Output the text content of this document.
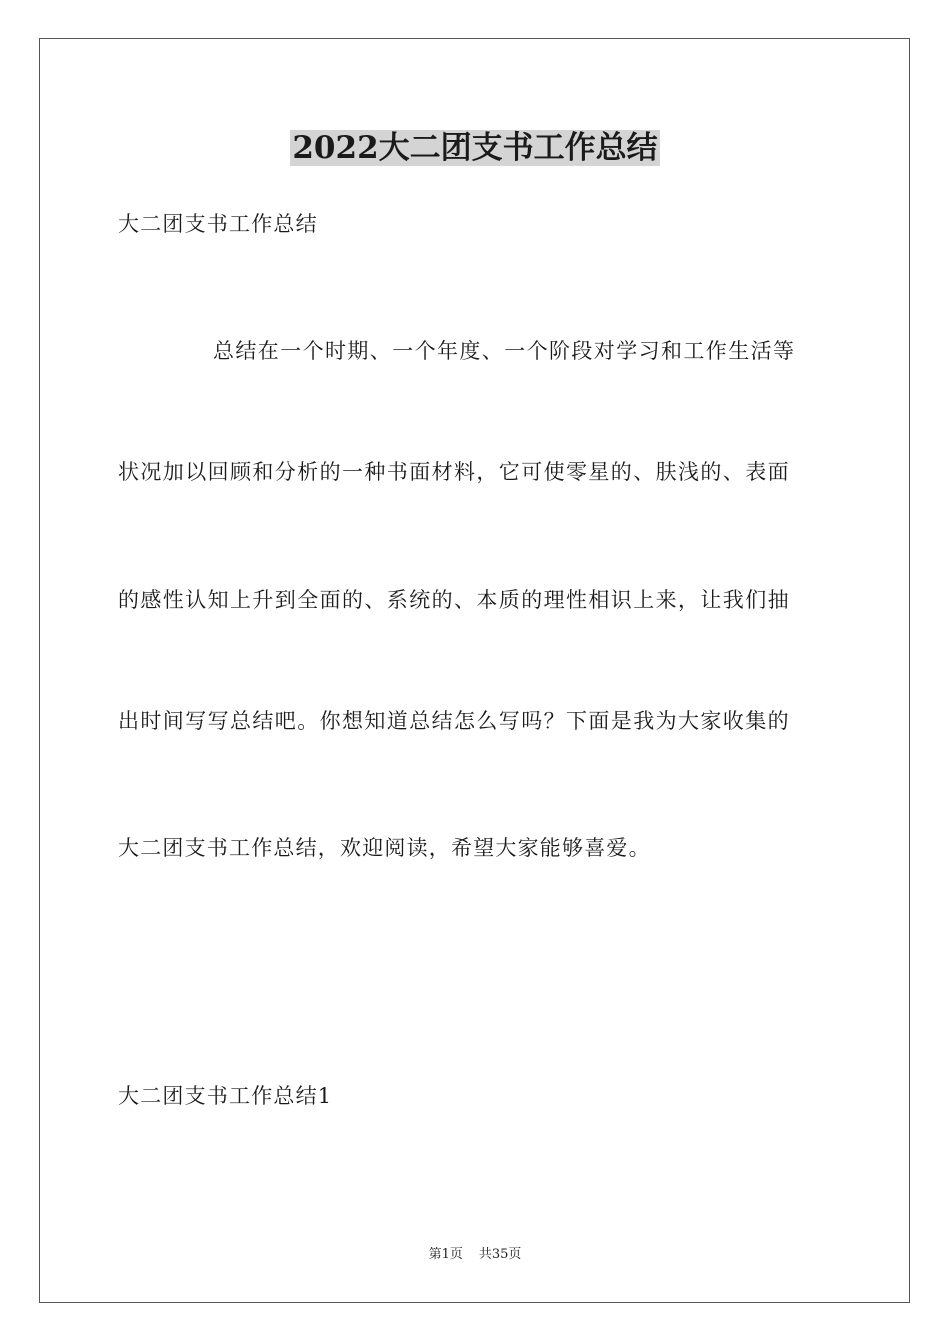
2022大二团支书工作总结
大二团支书工作总结
总结在一个时期、一个年度、一个阶段对学习和工作生活等
状况加以回顾和分析的一种书面材料，它可使零星的、肤浅的、表面
的感性认知上升到全面的、系统的、本质的理性相识上来，让我们抽
出时间写写总结吧。你想知道总结怎么写吗？下面是我为大家收集的
大二团支书工作总结，欢迎阅读，希望大家能够喜爱。
大二团支书工作总结1
第1页 共35页
